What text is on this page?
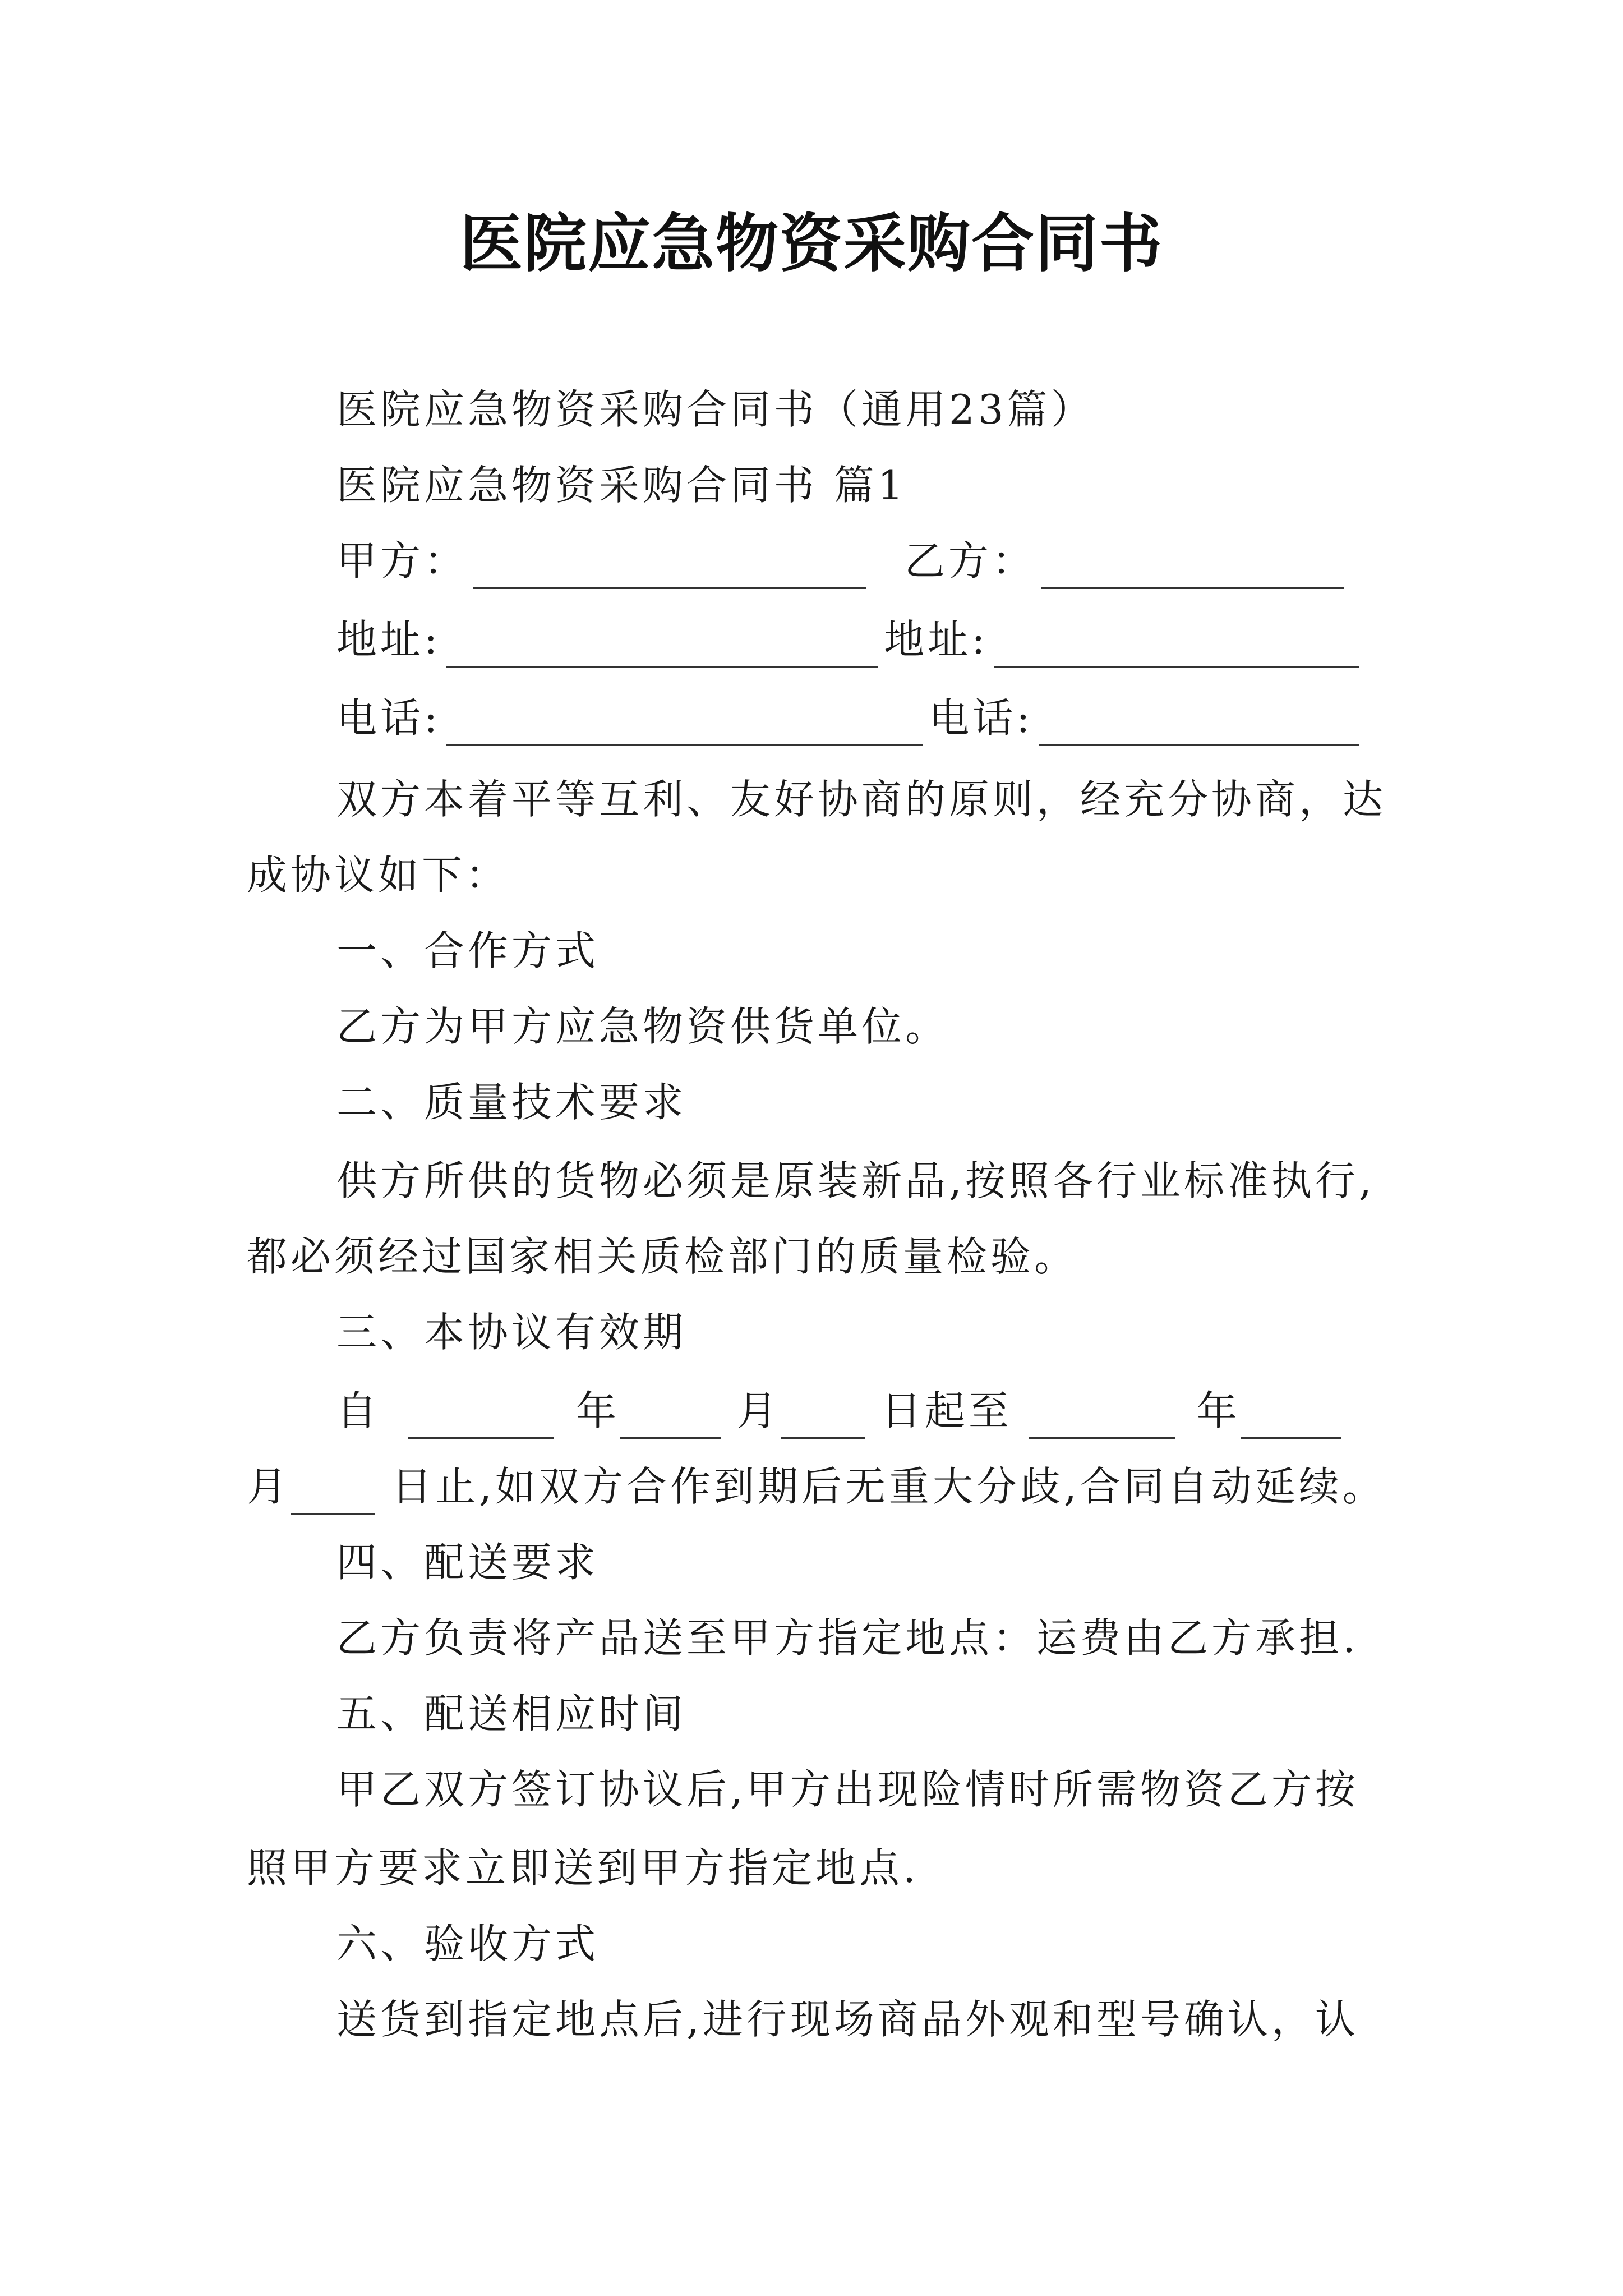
医院应急物资采购合同书
医院应急物资采购合同书（通用23篇）
医院应急物资采购合同书 篇1
甲方：	乙方：
地址:	地址:
电话:	电话:
双方本着平等互利、友好协商的原则，经充分协商，达
成协议如下：
一、合作方式
乙方为甲方应急物资供货单位。
二、质量技术要求
供方所供的货物必须是原装新品,按照各行业标准执行,
都必须经过国家相关质检部门的质量检验。
三、本协议有效期
自	年	月 日起至	年
月	日止,如双方合作到期后无重大分歧,合同自动延续。
四、配送要求
乙方负责将产品送至甲方指定地点：运费由乙方承担.
五、配送相应时间
甲乙双方签订协议后,甲方出现险情时所需物资乙方按
照甲方要求立即送到甲方指定地点.
六、验收方式
送货到指定地点后,进行现场商品外观和型号确认，认
